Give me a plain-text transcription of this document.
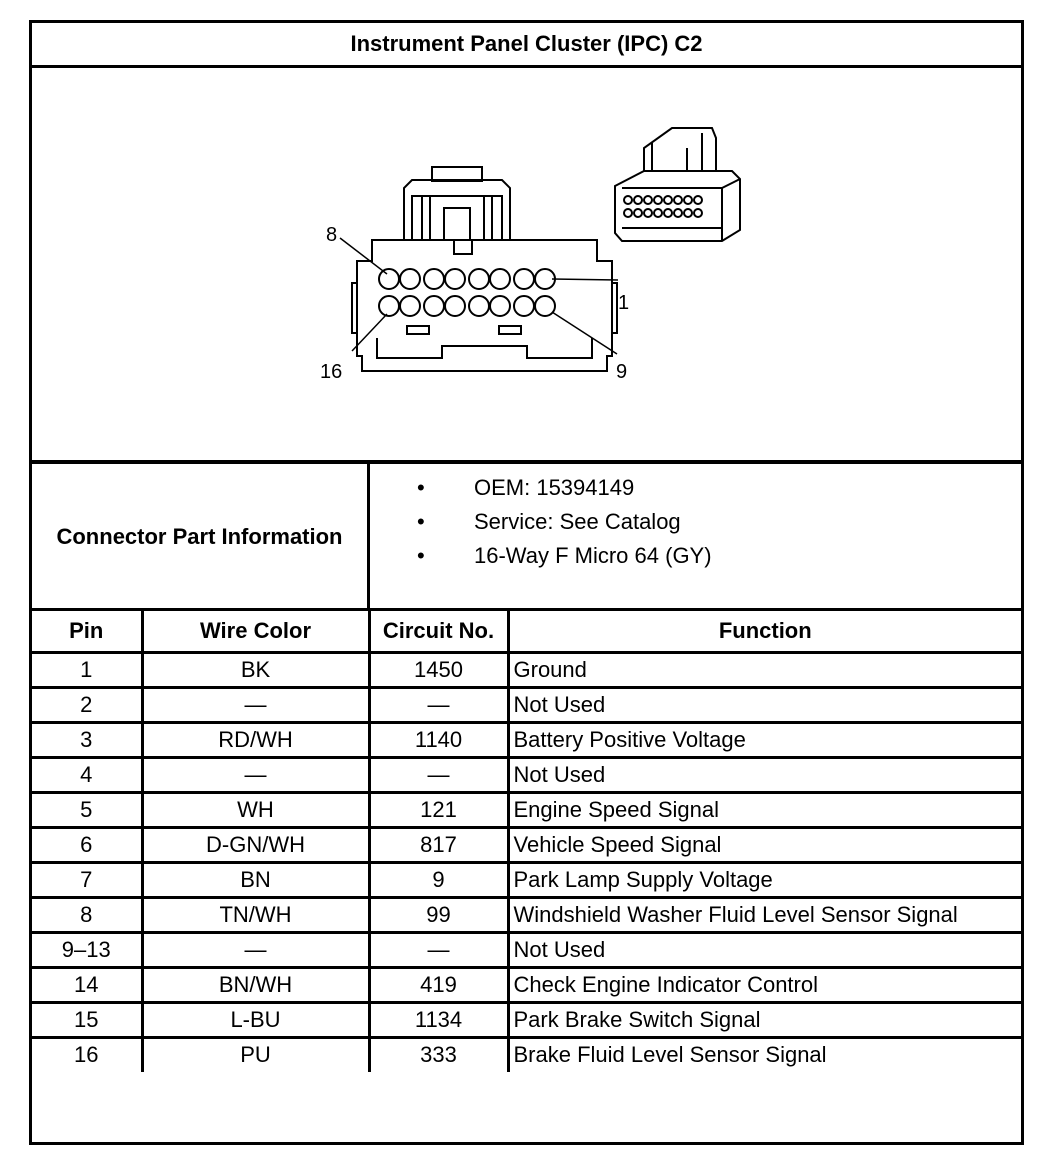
Instrument Panel Cluster (IPC) C2
8
1
16	9
Connector Part Information
• OEM: 15394149
• Service: See Catalog
• 16-Way F Micro 64 (GY)
Pin	Wire Color	Circuit No.	Function
1	BK	1450	Ground
2	—	—	Not Used
3	RD/WH	1140	Battery Positive Voltage
4	—	—	Not Used
5	WH	121	Engine Speed Signal
6	D-GN/WH	817	Vehicle Speed Signal
7	BN	9	Park Lamp Supply Voltage
8	TN/WH	99	Windshield Washer Fluid Level Sensor Signal
9–13	—	—	Not Used
14	BN/WH	419	Check Engine Indicator Control
15	L-BU	1134	Park Brake Switch Signal
16	PU	333	Brake Fluid Level Sensor Signal
